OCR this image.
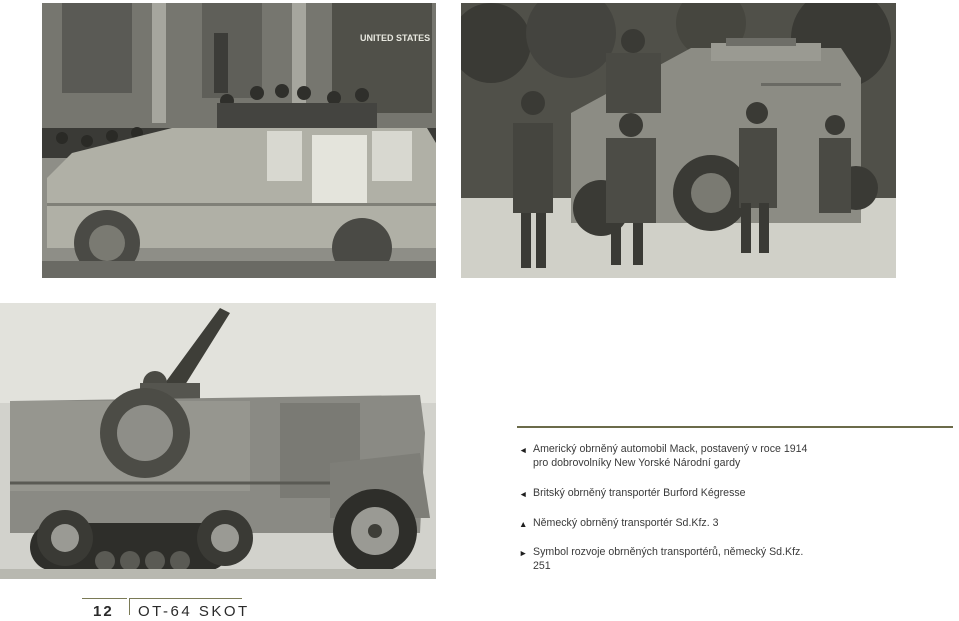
UNITED STATES
◄ Americký obrněný automobil Mack, postavený v roce 1914 pro dobrovolníky New Yorské Národní gardy
◄ Britský obrněný transportér Burford Kégresse
▲ Německý obrněný transportér Sd.Kfz. 3
► Symbol rozvoje obrněných transportérů, německý Sd.Kfz. 251
12 OT-64 SKOT
